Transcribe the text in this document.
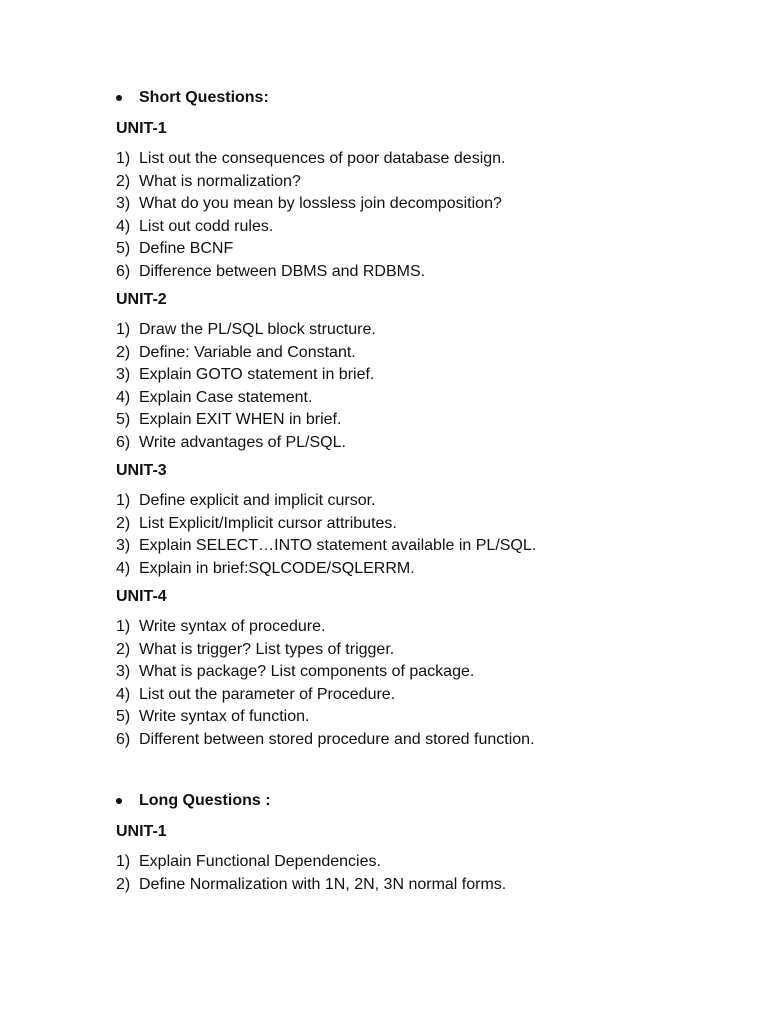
Short Questions:
UNIT-1
1) List out the consequences of poor database design.
2) What is normalization?
3) What do you mean by lossless join decomposition?
4) List out codd rules.
5) Define BCNF
6) Difference between DBMS and RDBMS.
UNIT-2
1) Draw the PL/SQL block structure.
2) Define: Variable and Constant.
3) Explain GOTO statement in brief.
4) Explain Case statement.
5) Explain EXIT WHEN in brief.
6) Write advantages of PL/SQL.
UNIT-3
1) Define explicit and implicit cursor.
2) List Explicit/Implicit cursor attributes.
3) Explain SELECT…INTO statement available in PL/SQL.
4) Explain in brief:SQLCODE/SQLERRM.
UNIT-4
1) Write syntax of procedure.
2) What is trigger? List types of trigger.
3) What is package? List components of package.
4) List out the parameter of Procedure.
5) Write syntax of function.
6) Different between stored procedure and stored function.
Long Questions :
UNIT-1
1) Explain Functional Dependencies.
2) Define Normalization with 1N, 2N, 3N normal forms.
